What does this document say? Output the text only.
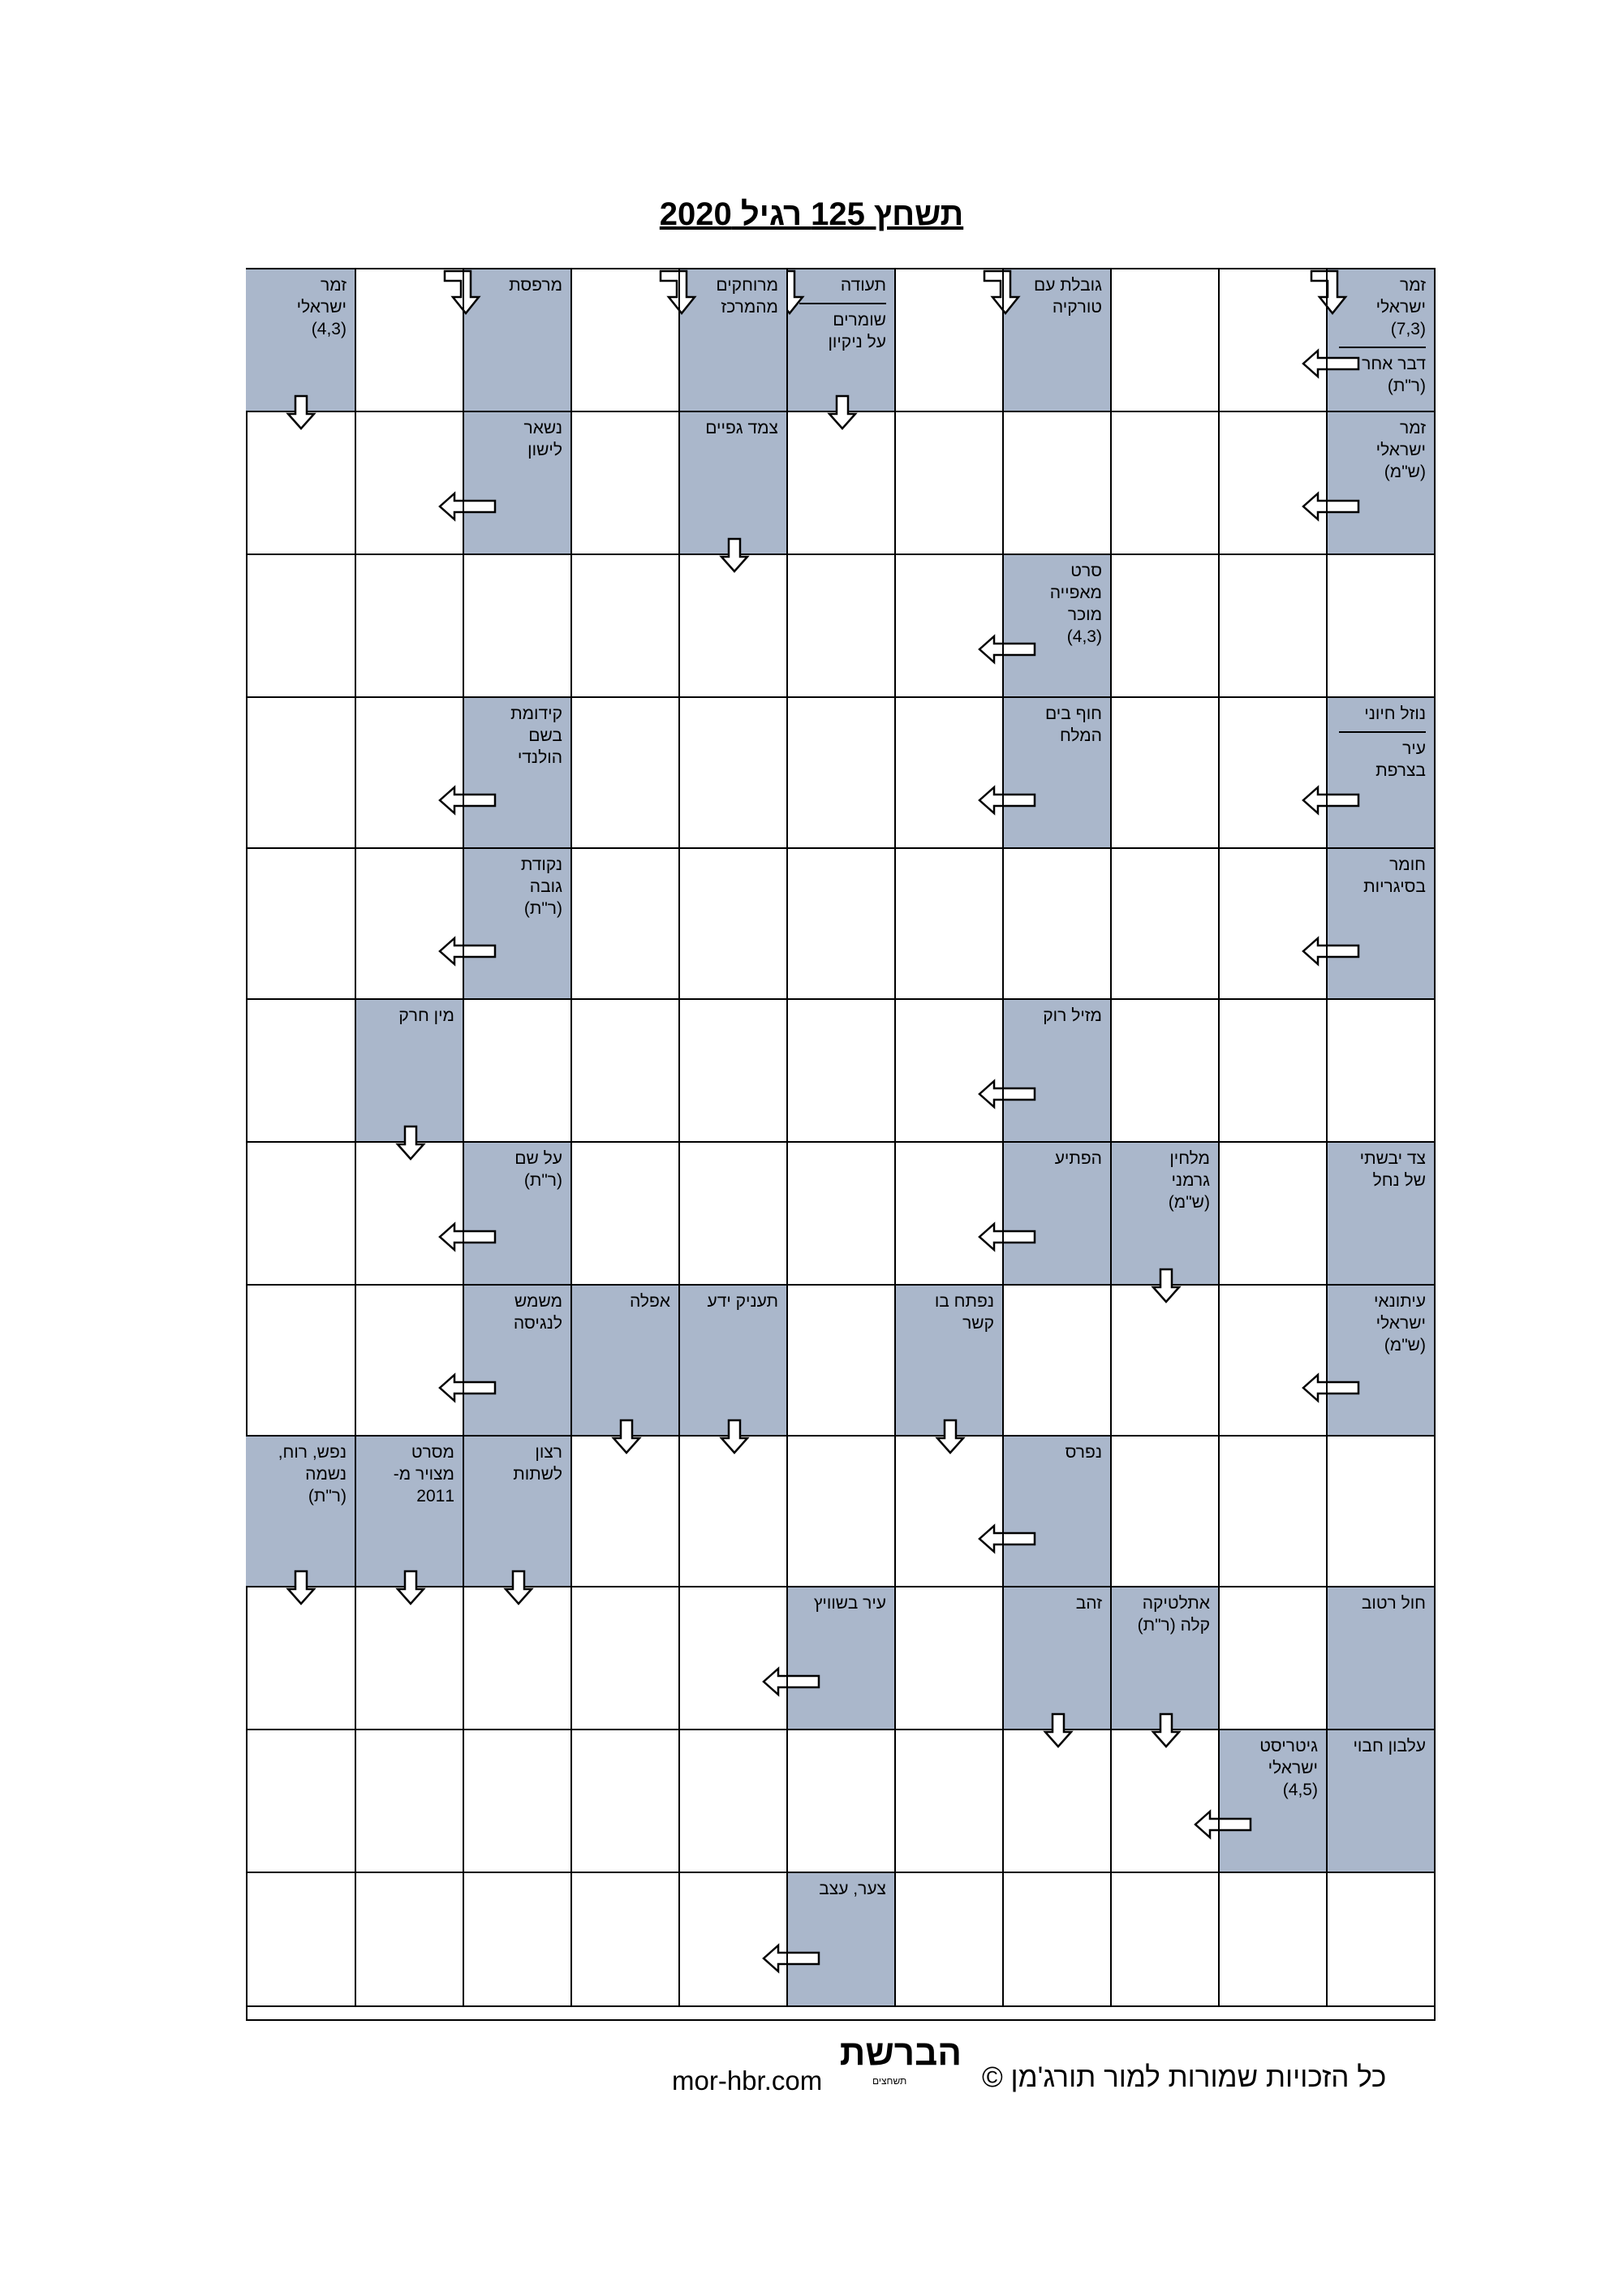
תשחץ 125 רגיל 2020
זמר
ישראלי
(7,3)
דבר אחר
(ר"ת)
גובלת עם
טורקיה
תעודה
שומרים
על ניקיון
מרוחקים
מהמרכז
מרפסת
זמר
ישראלי
(4,3)
זמר
ישראלי
(ש"מ)
צמד גפיים
נשאר
לישון
סרט
מאפייה
מוכר
(4,3)
נוזל חיוני
עיר
בצרפת
חוף בים
המלח
קידומת
בשם
הולנדי
חומר
בסיגריות
נקודת
גובה
(ר"ת)
מזיל רוק
מין חרק
צד יבשתי
של נחל
מלחין
גרמני
(ש"מ)
הפתיע
על שם
(ר"ת)
עיתונאי
ישראלי
(ש"מ)
נפתח בו
קשר
תעניק ידע
אפלה
משמש
לנגיסה
נפרס
רצון
לשתות
מסרט
מצויר מ-
2011
נפש, רוח,
נשמה
(ר"ת)
חול רטוב
אתלטיקה
קלה (ר"ת)
זהב
עיר בשוויץ
עלבון חבוי
גיטריסט
ישראלי
(4,5)
צער, עצב
הברשת
תשחצים
mor-hbr.com	כל הזכויות שמורות למור תורג'מן ©
